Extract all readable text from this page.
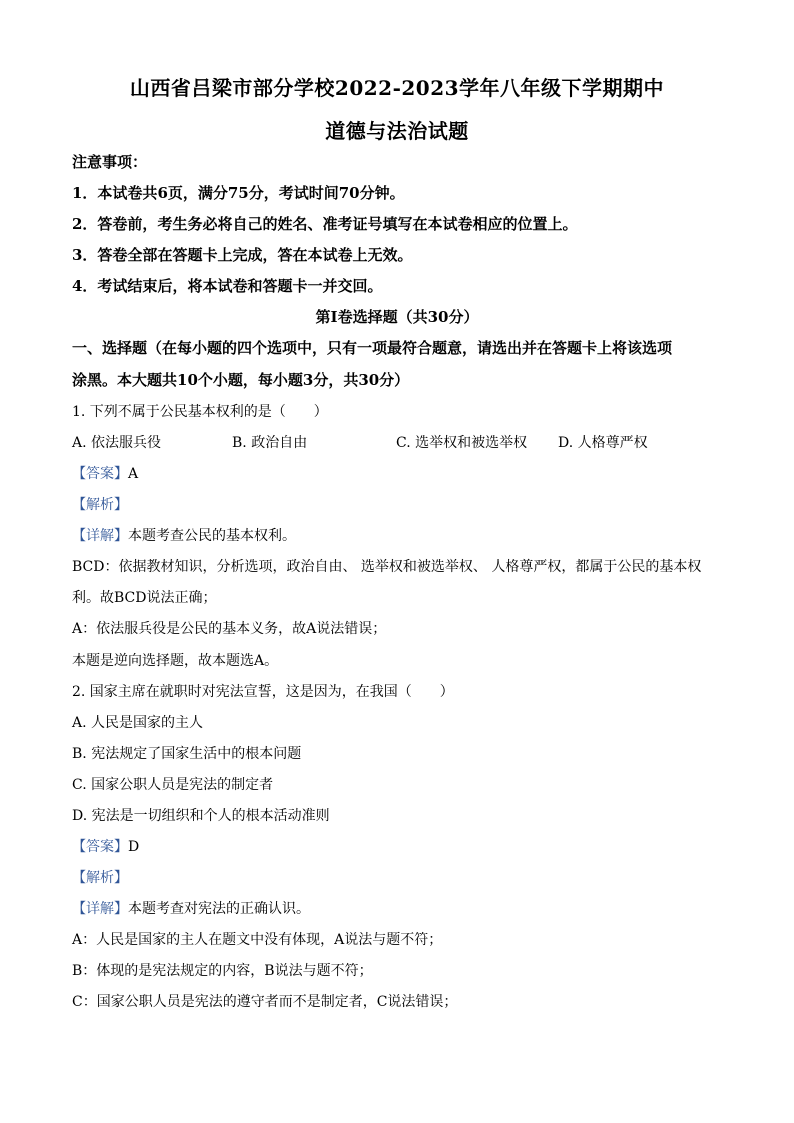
山西省吕梁市部分学校2022-2023学年八年级下学期期中
道德与法治试题
注意事项：
1．本试卷共6页，满分75分，考试时间70分钟。
2．答卷前，考生务必将自己的姓名、准考证号填写在本试卷相应的位置上。
3．答卷全部在答题卡上完成，答在本试卷上无效。
4．考试结束后，将本试卷和答题卡一并交回。
第Ⅰ卷选择题（共30分）
一、选择题（在每小题的四个选项中，只有一项最符合题意，请选出并在答题卡上将该选项
涂黑。本大题共10个小题，每小题3分，共30分）
1. 下列不属于公民基本权利的是（　　）
A. 依法服兵役	B. 政治自由	C. 选举权和被选举权 D. 人格尊严权
【答案】A
【解析】
【详解】本题考查公民的基本权利。
BCD：依据教材知识，分析选项，政治自由、 选举权和被选举权、 人格尊严权，都属于公民的基本权
利。故BCD说法正确；
A：依法服兵役是公民的基本义务，故A说法错误；
本题是逆向选择题，故本题选A。
2. 国家主席在就职时对宪法宣誓，这是因为，在我国（　　）
A. 人民是国家的主人
B. 宪法规定了国家生活中的根本问题
C. 国家公职人员是宪法的制定者
D. 宪法是一切组织和个人的根本活动准则
【答案】D
【解析】
【详解】本题考查对宪法的正确认识。
A：人民是国家的主人在题文中没有体现，A说法与题不符；
B：体现的是宪法规定的内容，B说法与题不符；
C：国家公职人员是宪法的遵守者而不是制定者，C说法错误；
